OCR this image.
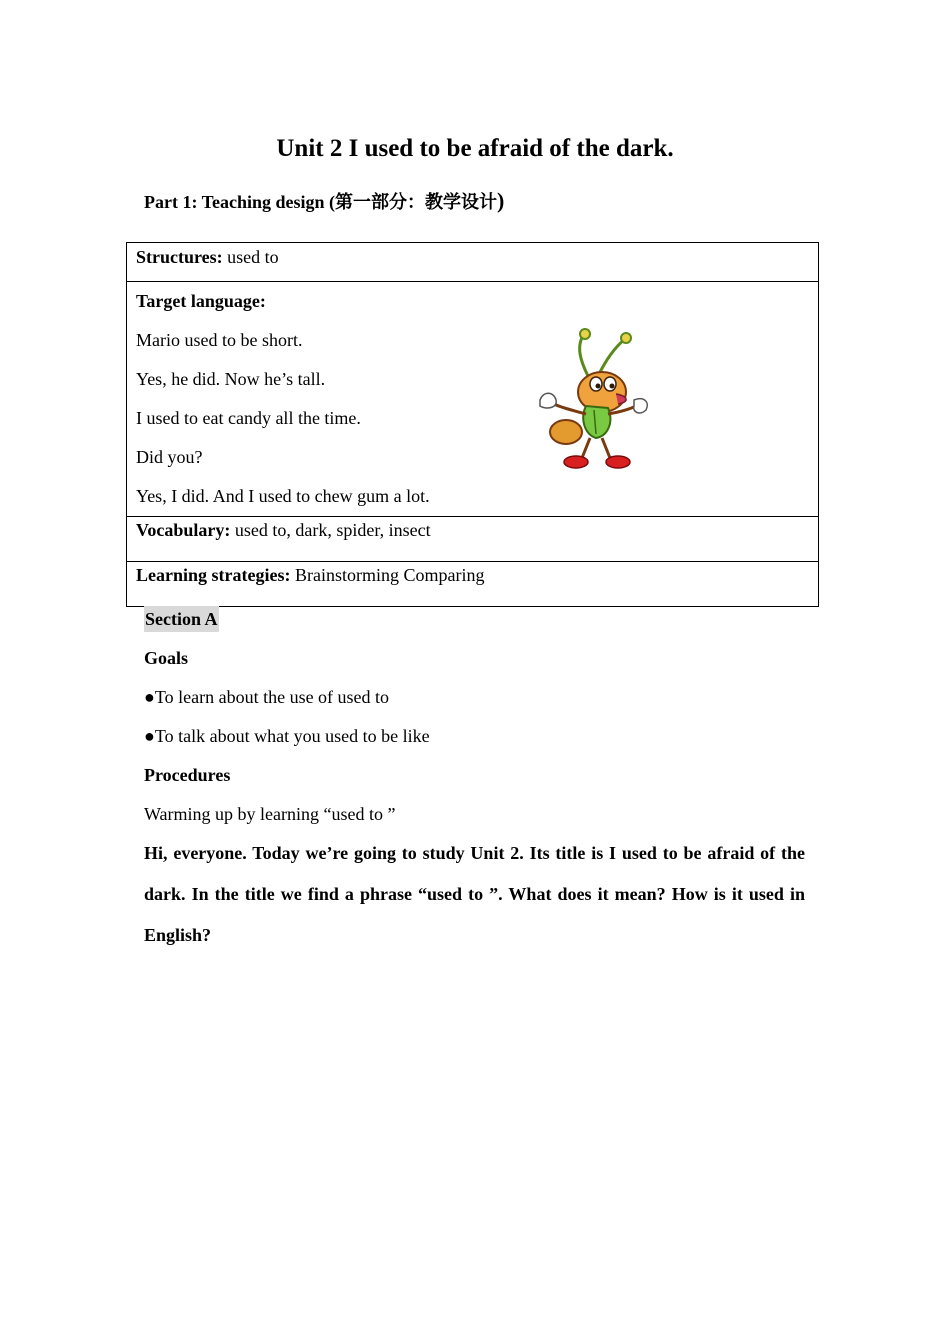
Unit 2 I used to be afraid of the dark.
Part 1: Teaching design (第一部分：教学设计)
Structures: used to

Target language:
Mario used to be short.
Yes, he did. Now he’s tall.
I used to eat candy all the time.
Did you?
Yes, I did. And I used to chew gum a lot.

Vocabulary: used to, dark, spider, insect

Learning strategies: Brainstorming Comparing
Section A
Goals
●To learn about the use of used to
●To talk about what you used to be like
Procedures
Warming up by learning “used to ”
Hi, everyone. Today we’re going to study Unit 2. Its title is I used to be afraid of the dark. In the title we find a phrase “used to ”. What does it mean? How is it used in English?
